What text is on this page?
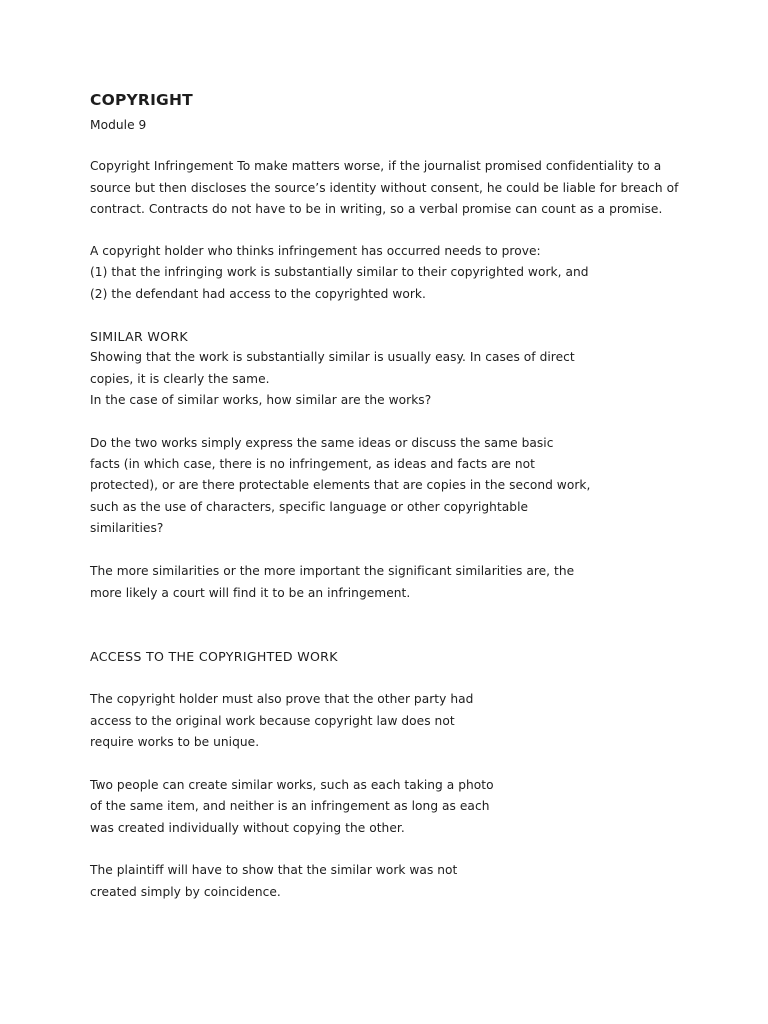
COPYRIGHT

Module 9

Copyright Infringement To make matters worse, if the journalist promised confidentiality to a

source but then discloses the source’s identity without consent, he could be liable for breach of

contract. Contracts do not have to be in writing, so a verbal promise can count as a promise.

A copyright holder who thinks infringement has occurred needs to prove:

(1) that the infringing work is substantially similar to their copyrighted work, and

(2) the defendant had access to the copyrighted work.

SIMILAR WORK

Showing that the work is substantially similar is usually easy. In cases of direct

copies, it is clearly the same.

In the case of similar works, how similar are the works?

Do the two works simply express the same ideas or discuss the same basic

facts (in which case, there is no infringement, as ideas and facts are not

protected), or are there protectable elements that are copies in the second work,

such as the use of characters, specific language or other copyrightable

similarities?

The more similarities or the more important the significant similarities are, the

more likely a court will find it to be an infringement.

ACCESS TO THE COPYRIGHTED WORK

The copyright holder must also prove that the other party had

access to the original work because copyright law does not

require works to be unique.

Two people can create similar works, such as each taking a photo

of the same item, and neither is an infringement as long as each

was created individually without copying the other.

The plaintiff will have to show that the similar work was not

created simply by coincidence.
